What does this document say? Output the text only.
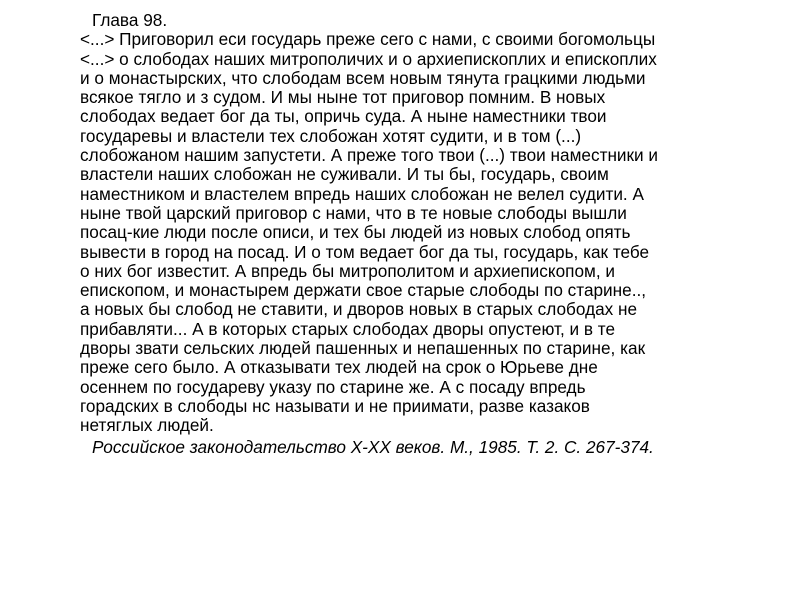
Глава 98.
<...> Приговорил еси государь преже сего с нами, с своими богомольцы
<...> о слободах наших митрополичих и о архиепископлих и епископлих
и о монастырских, что слободам всем новым тянута грацкими людьми
всякое тягло и з судом. И мы ныне тот приговор помним. В новых
слободах ведает бог да ты, опричь суда. А ныне наместники твои
государевы и властели тех слобожан хотят судити, и в том (...)
слобожаном нашим запустети. А преже того твои (...) твои наместники и
властели наших слобожан не суживали. И ты бы, государь, своим
наместником и властелем впредь наших слобожан не велел судити. А
ныне твой царский приговор с нами, что в те новые слободы вышли
посац-кие люди после описи, и тех бы людей из новых слобод опять
вывести в город на посад. И о том ведает бог да ты, государь, как тебе
о них бог известит. А впредь бы митрополитом и архиепископом, и
епископом, и монастырем держати свое старые слободы по старине..,
а новых бы слобод не ставити, и дворов новых в старых слободах не
прибавляти... А в которых старых слободах дворы опустеют, и в те
дворы звати сельских людей пашенных и непашенных по старине, как
преже сего было. А отказывати тех людей на срок о Юрьеве дне
осеннем по государеву указу по старине же. А с посаду впредь
горадских в слободы нс называти и не приимати, разве казаков
нетяглых людей.
Российское законодательство X-XX веков. М., 1985. Т. 2. С. 267-374.
